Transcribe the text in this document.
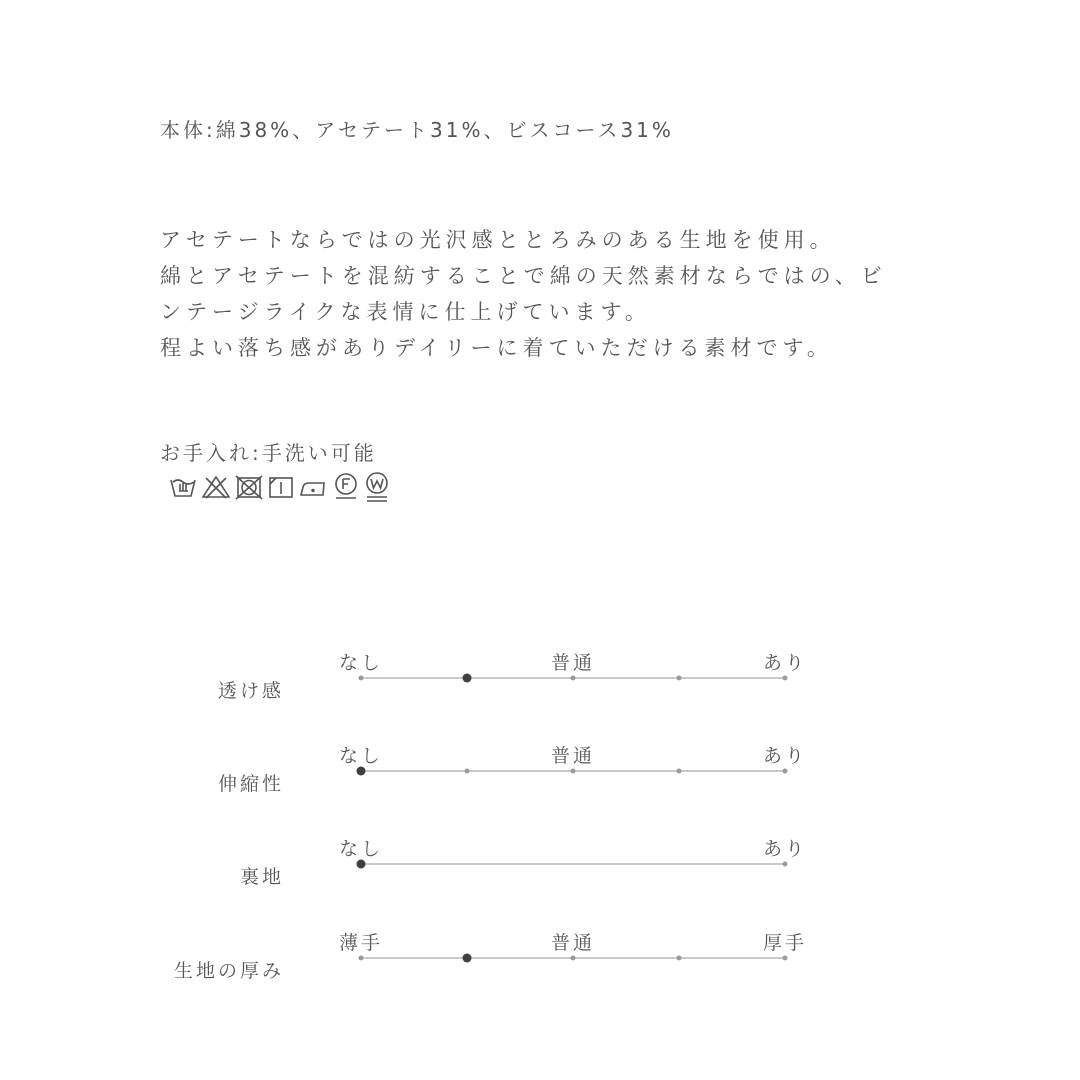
本体:綿38%、アセテート31%、ビスコース31%
アセテートならではの光沢感ととろみのある生地を使用。
綿とアセテートを混紡することで綿の天然素材ならではの、ビ
ンテージライクな表情に仕上げています。
程よい落ち感がありデイリーに着ていただける素材です。
お手入れ:手洗い可能
透け感
なし	普通	あり
伸縮性
なし	普通	あり
裏地
なし	あり
生地の厚み
薄手	普通	厚手
